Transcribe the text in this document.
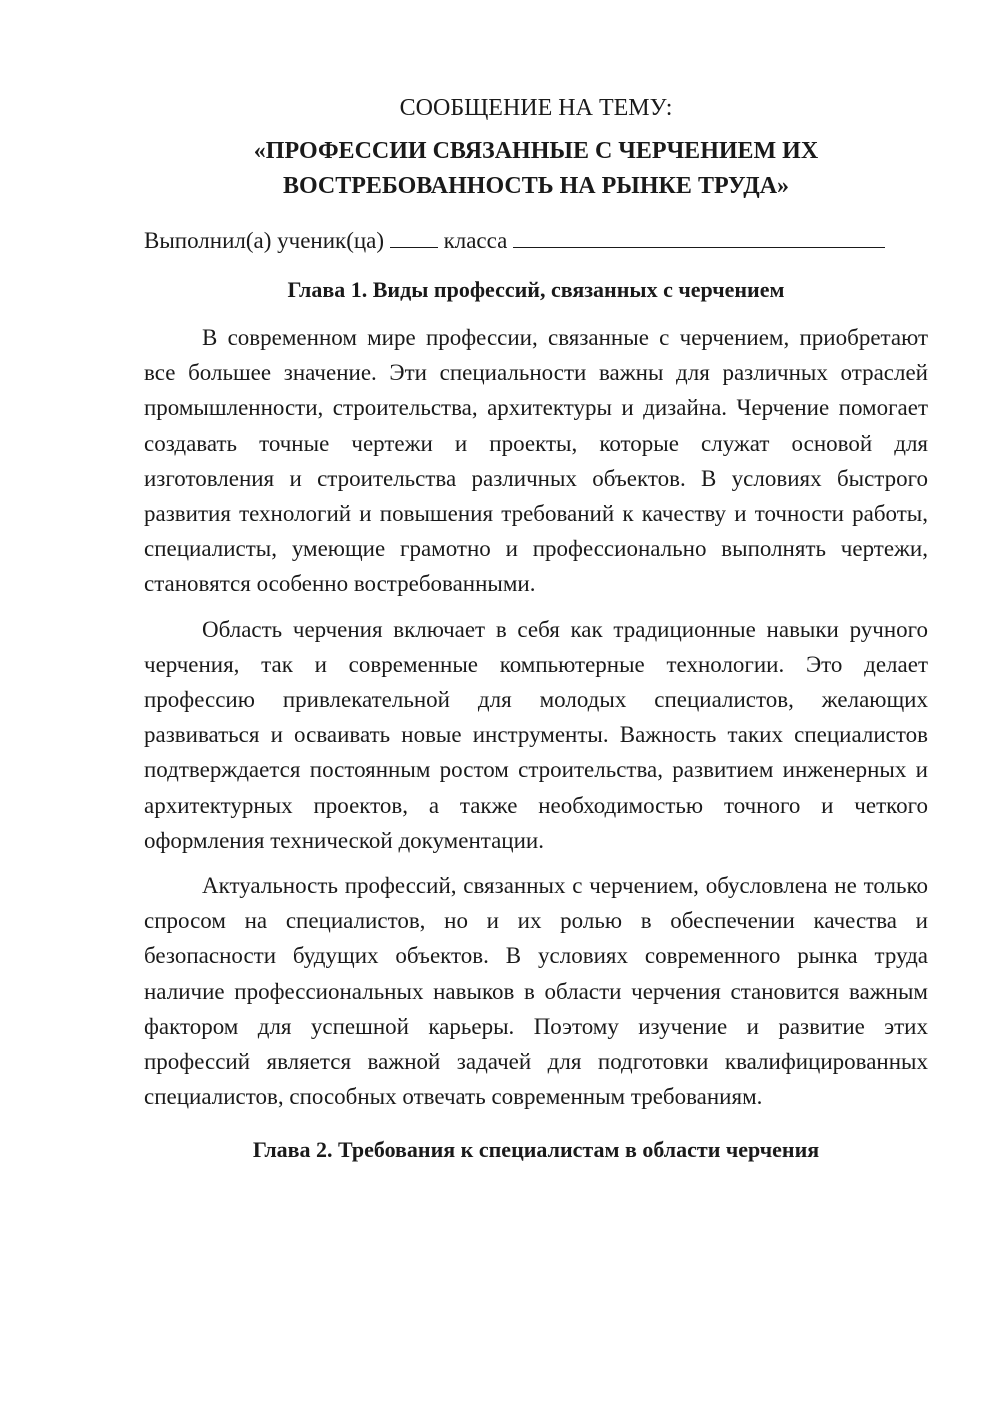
СООБЩЕНИЕ НА ТЕМУ:
«ПРОФЕССИИ СВЯЗАННЫЕ С ЧЕРЧЕНИЕМ ИХ
ВОСТРЕБОВАННОСТЬ НА РЫНКЕ ТРУДА»
Выполнил(а) ученик(ца)	класса
Глава 1. Виды профессий, связанных с черчением

В современном мире профессии, связанные с черчением, приобретают все большее значение. Эти специальности важны для различных отраслей промышленности, строительства, архитектуры и дизайна. Черчение помогает создавать точные чертежи и проекты, которые служат основой для изготовления и строительства различных объектов. В условиях быстрого развития технологий и повышения требований к качеству и точности работы, специалисты, умеющие грамотно и профессионально выполнять чертежи, становятся особенно востребованными.

Область черчения включает в себя как традиционные навыки ручного черчения, так и современные компьютерные технологии. Это делает профессию привлекательной для молодых специалистов, желающих развиваться и осваивать новые инструменты. Важность таких специалистов подтверждается постоянным ростом строительства, развитием инженерных и архитектурных проектов, а также необходимостью точного и четкого оформления технической документации.

Актуальность профессий, связанных с черчением, обусловлена не только спросом на специалистов, но и их ролью в обеспечении качества и безопасности будущих объектов. В условиях современного рынка труда наличие профессиональных навыков в области черчения становится важным фактором для успешной карьеры. Поэтому изучение и развитие этих профессий является важной задачей для подготовки квалифицированных специалистов, способных отвечать современным требованиям.

Глава 2. Требования к специалистам в области черчения
